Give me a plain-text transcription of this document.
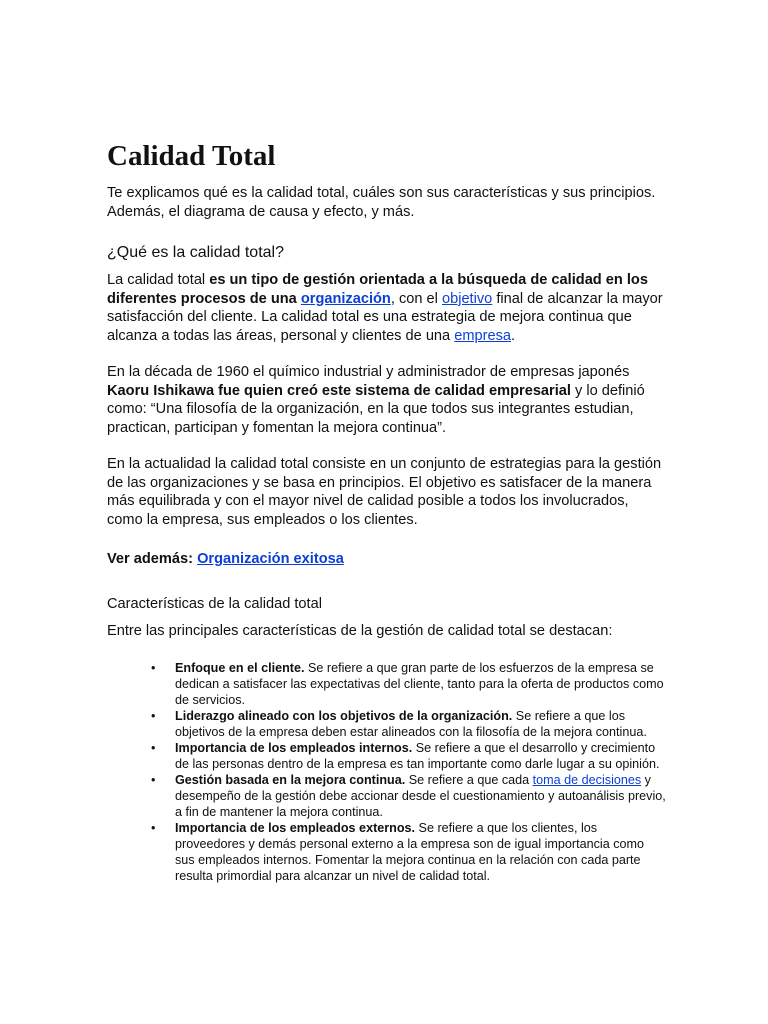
Calidad Total

Te explicamos qué es la calidad total, cuáles son sus características y sus principios. Además, el diagrama de causa y efecto, y más.

¿Qué es la calidad total?

La calidad total es un tipo de gestión orientada a la búsqueda de calidad en los diferentes procesos de una organización, con el objetivo final de alcanzar la mayor satisfacción del cliente. La calidad total es una estrategia de mejora continua que alcanza a todas las áreas, personal y clientes de una empresa.

En la década de 1960 el químico industrial y administrador de empresas japonés Kaoru Ishikawa fue quien creó este sistema de calidad empresarial y lo definió como: “Una filosofía de la organización, en la que todos sus integrantes estudian, practican, participan y fomentan la mejora continua”.

En la actualidad la calidad total consiste en un conjunto de estrategias para la gestión de las organizaciones y se basa en principios. El objetivo es satisfacer de la manera más equilibrada y con el mayor nivel de calidad posible a todos los involucrados, como la empresa, sus empleados o los clientes.

Ver además: Organización exitosa

Características de la calidad total

Entre las principales características de la gestión de calidad total se destacan:

• Enfoque en el cliente. Se refiere a que gran parte de los esfuerzos de la empresa se dedican a satisfacer las expectativas del cliente, tanto para la oferta de productos como de servicios.
• Liderazgo alineado con los objetivos de la organización. Se refiere a que los objetivos de la empresa deben estar alineados con la filosofía de la mejora continua.
• Importancia de los empleados internos. Se refiere a que el desarrollo y crecimiento de las personas dentro de la empresa es tan importante como darle lugar a su opinión.
• Gestión basada en la mejora continua. Se refiere a que cada toma de decisiones y desempeño de la gestión debe accionar desde el cuestionamiento y autoanálisis previo, a fin de mantener la mejora continua.
• Importancia de los empleados externos. Se refiere a que los clientes, los proveedores y demás personal externo a la empresa son de igual importancia como sus empleados internos. Fomentar la mejora continua en la relación con cada parte resulta primordial para alcanzar un nivel de calidad total.
